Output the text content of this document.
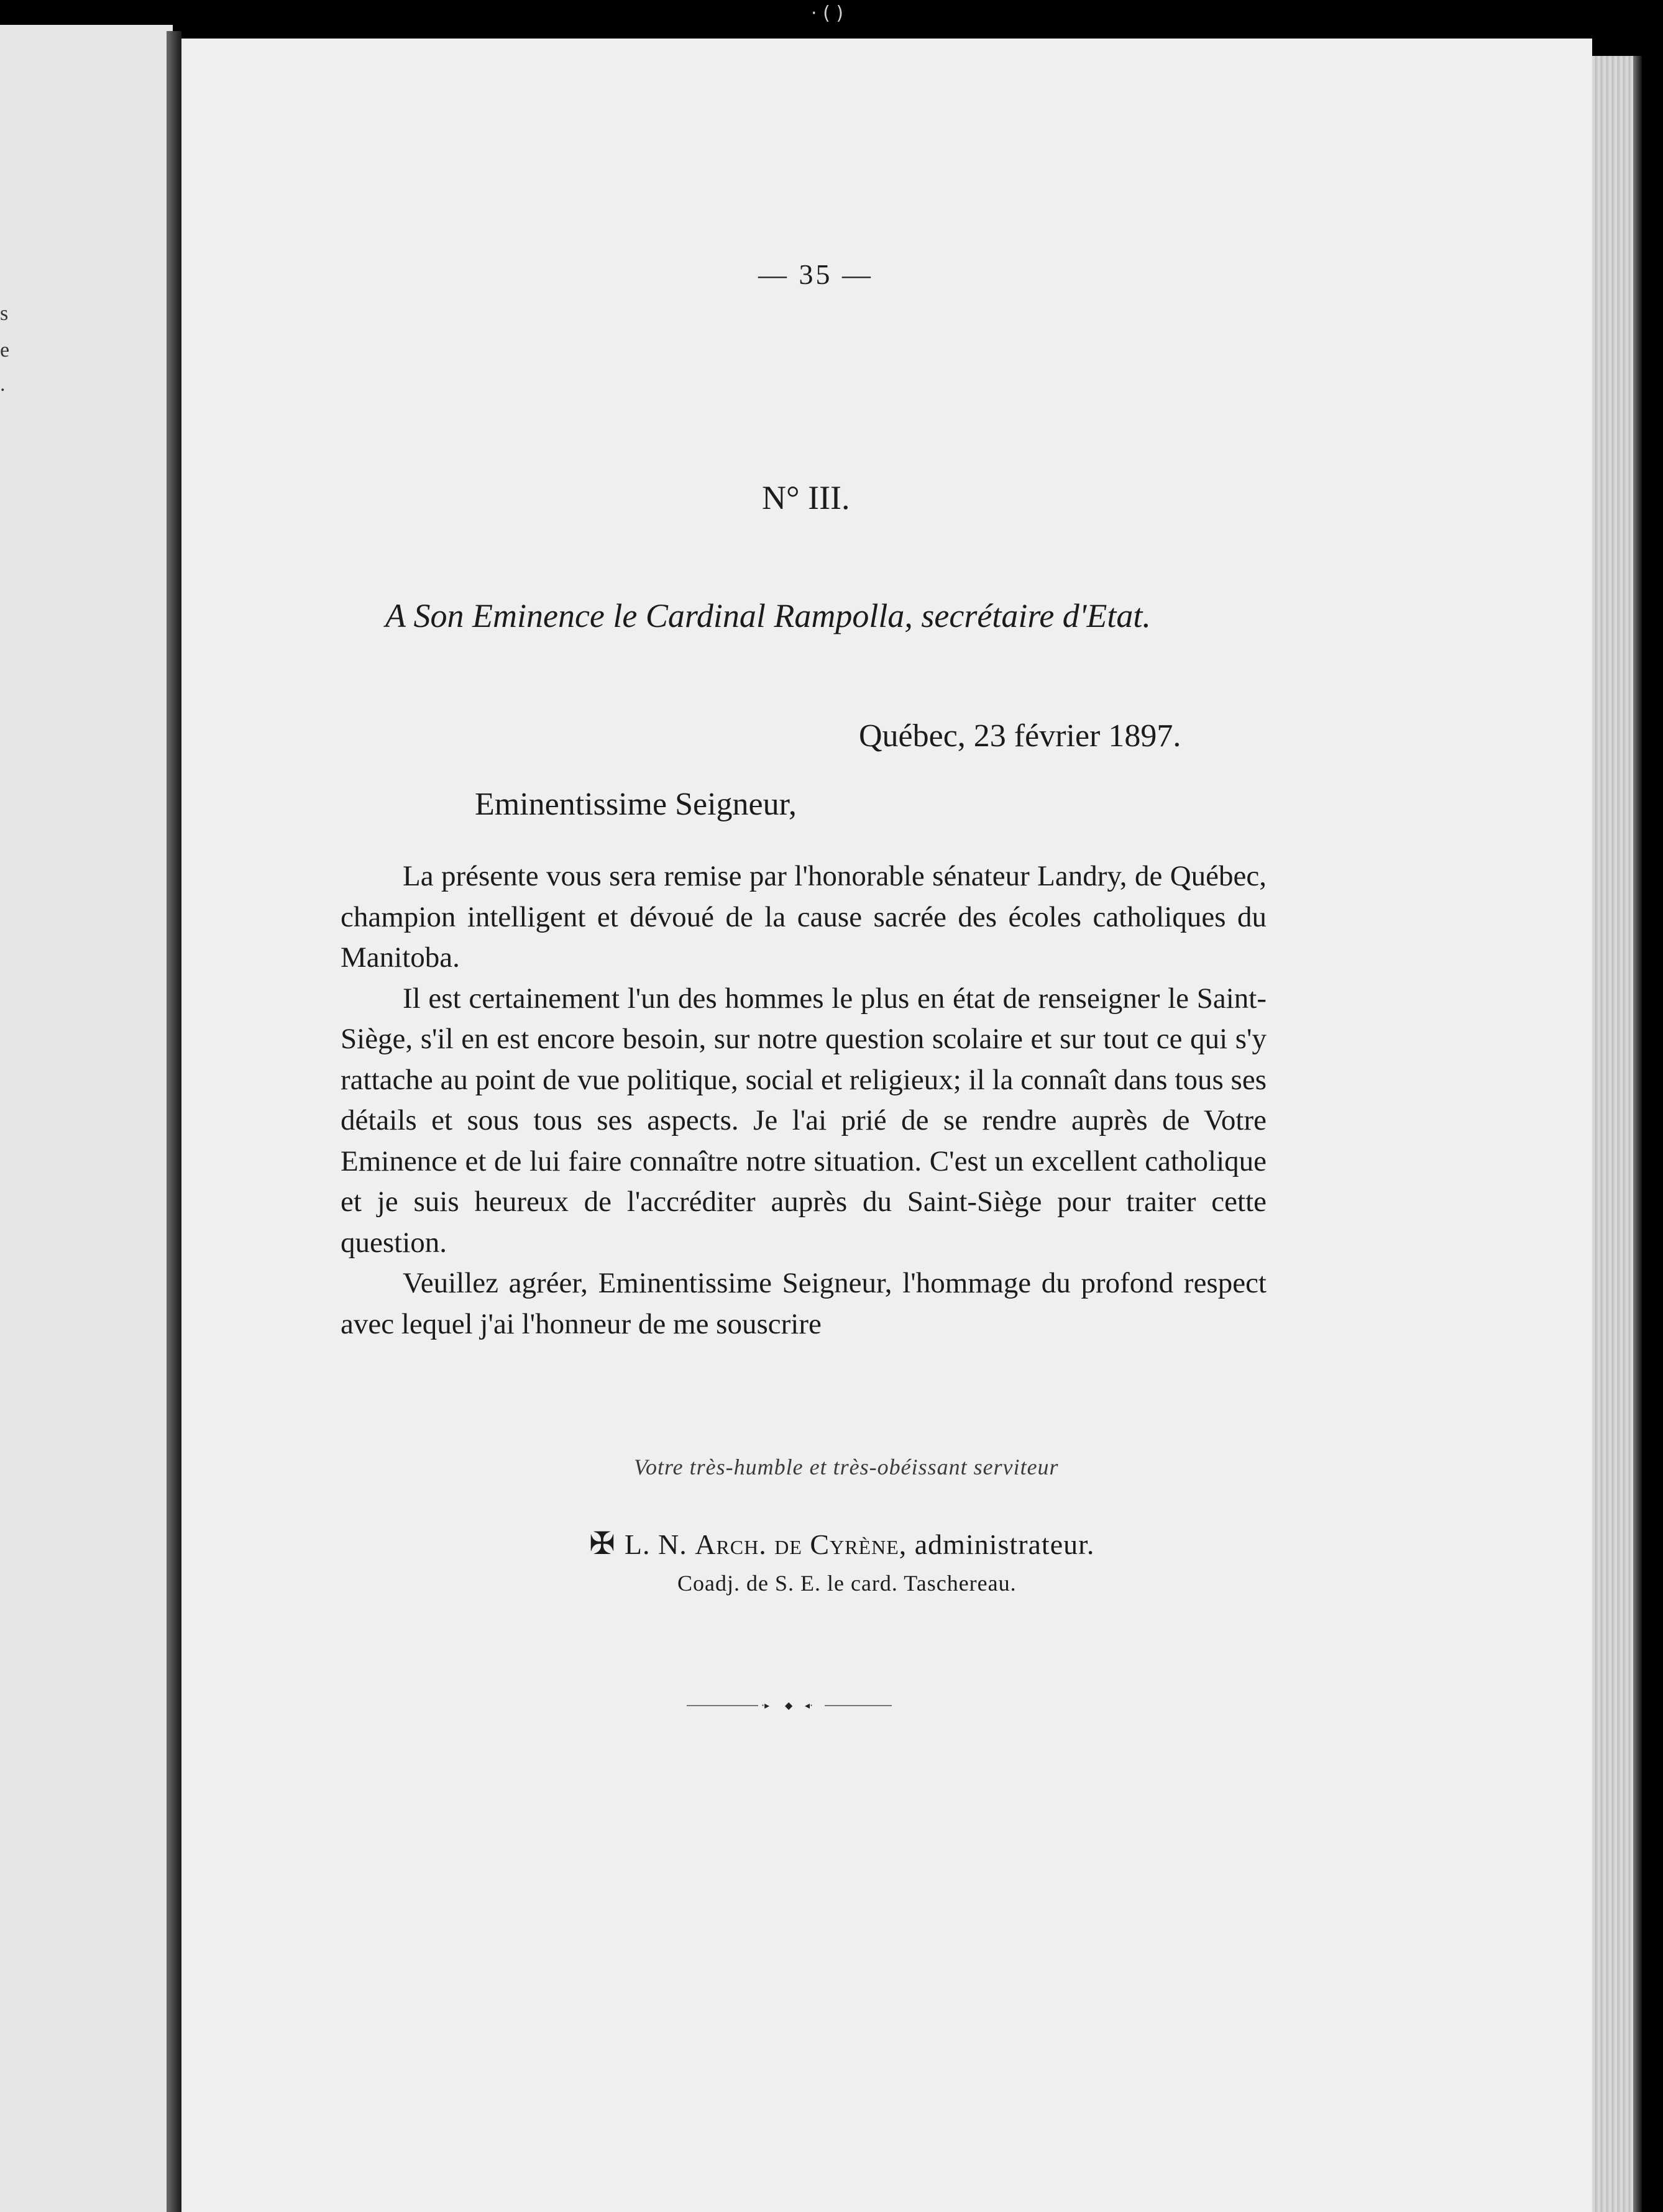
s
e
.
· ( )

— 35 —

N° III.

A Son Eminence le Cardinal Rampolla, secrétaire d'Etat.

Québec, 23 février 1897.

Eminentissime Seigneur,

La présente vous sera remise par l'honorable sénateur Landry, de Québec, champion intelligent et dévoué de la cause sacrée des écoles catholiques du Manitoba.

Il est certainement l'un des hommes le plus en état de renseigner le Saint-Siège, s'il en est encore besoin, sur notre question scolaire et sur tout ce qui s'y rattache au point de vue politique, social et religieux; il la connaît dans tous ses détails et sous tous ses aspects. Je l'ai prié de se rendre auprès de Votre Eminence et de lui faire connaître notre situation. C'est un excellent catholique et je suis heureux de l'accréditer auprès du Saint-Siège pour traiter cette question.

Veuillez agréer, Eminentissime Seigneur, l'hommage du profond respect avec lequel j'ai l'honneur de me souscrire

Votre très-humble et très-obéissant serviteur

✠ L. N. Arch. de Cyrène, administrateur.

Coadj. de S. E. le card. Taschereau.

·▸ ◆ ◂·
